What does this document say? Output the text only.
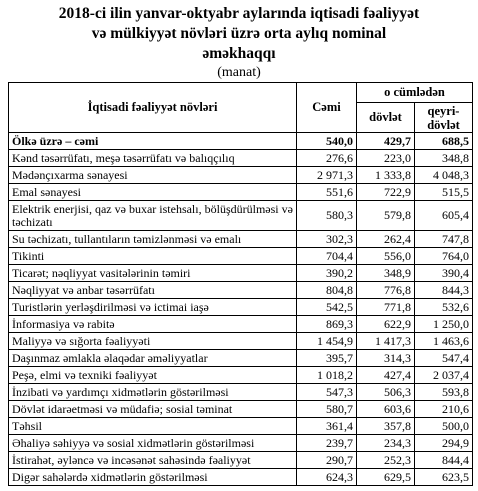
2018-ci ilin yanvar-oktyabr aylarında iqtisadi fəaliyyət
və mülkiyyət növləri üzrə orta aylıq nominal
əməkhaqqı
(manat)
İqtisadi fəaliyyət növləri	Cəmi	o cümlədən	
		dövlət	qeyri-dövlət
Ölkə üzrə – cəmi	540,0	429,7	688,5
Kənd təsərrüfatı, meşə təsərrüfatı və balıqçılıq	276,6	223,0	348,8
Mədənçıxarma sənayesi	2 971,3	1 333,8	4 048,3
Emal sənayesi	551,6	722,9	515,5
Elektrik enerjisi, qaz və buxar istehsalı, bölüşdürülməsi və təchizatı	580,3	579,8	605,4
Su təchizatı, tullantıların təmizlənməsi və emalı	302,3	262,4	747,8
Tikinti	704,4	556,0	764,0
Ticarət; nəqliyyat vasitələrinin təmiri	390,2	348,9	390,4
Nəqliyyat və anbar təsərrüfatı	804,8	776,8	844,3
Turistlərin yerləşdirilməsi və ictimai iaşə	542,5	771,8	532,6
İnformasiya və rabitə	869,3	622,9	1 250,0
Maliyyə və sığorta fəaliyyəti	1 454,9	1 417,3	1 463,6
Daşınmaz əmlakla əlaqədar əməliyyatlar	395,7	314,3	547,4
Peşə, elmi və texniki fəaliyyət	1 018,2	427,4	2 037,4
İnzibati və yardımçı xidmətlərin göstərilməsi	547,3	506,3	593,8
Dövlət idarəetməsi və müdafiə; sosial təminat	580,7	603,6	210,6
Təhsil	361,4	357,8	500,0
Əhaliyə səhiyyə və sosial xidmətlərin göstərilməsi	239,7	234,3	294,9
İstirahət, əyləncə və incəsənət sahəsində fəaliyyət	290,7	252,3	844,4
Digər sahələrdə xidmətlərin göstərilməsi	624,3	629,5	623,5
